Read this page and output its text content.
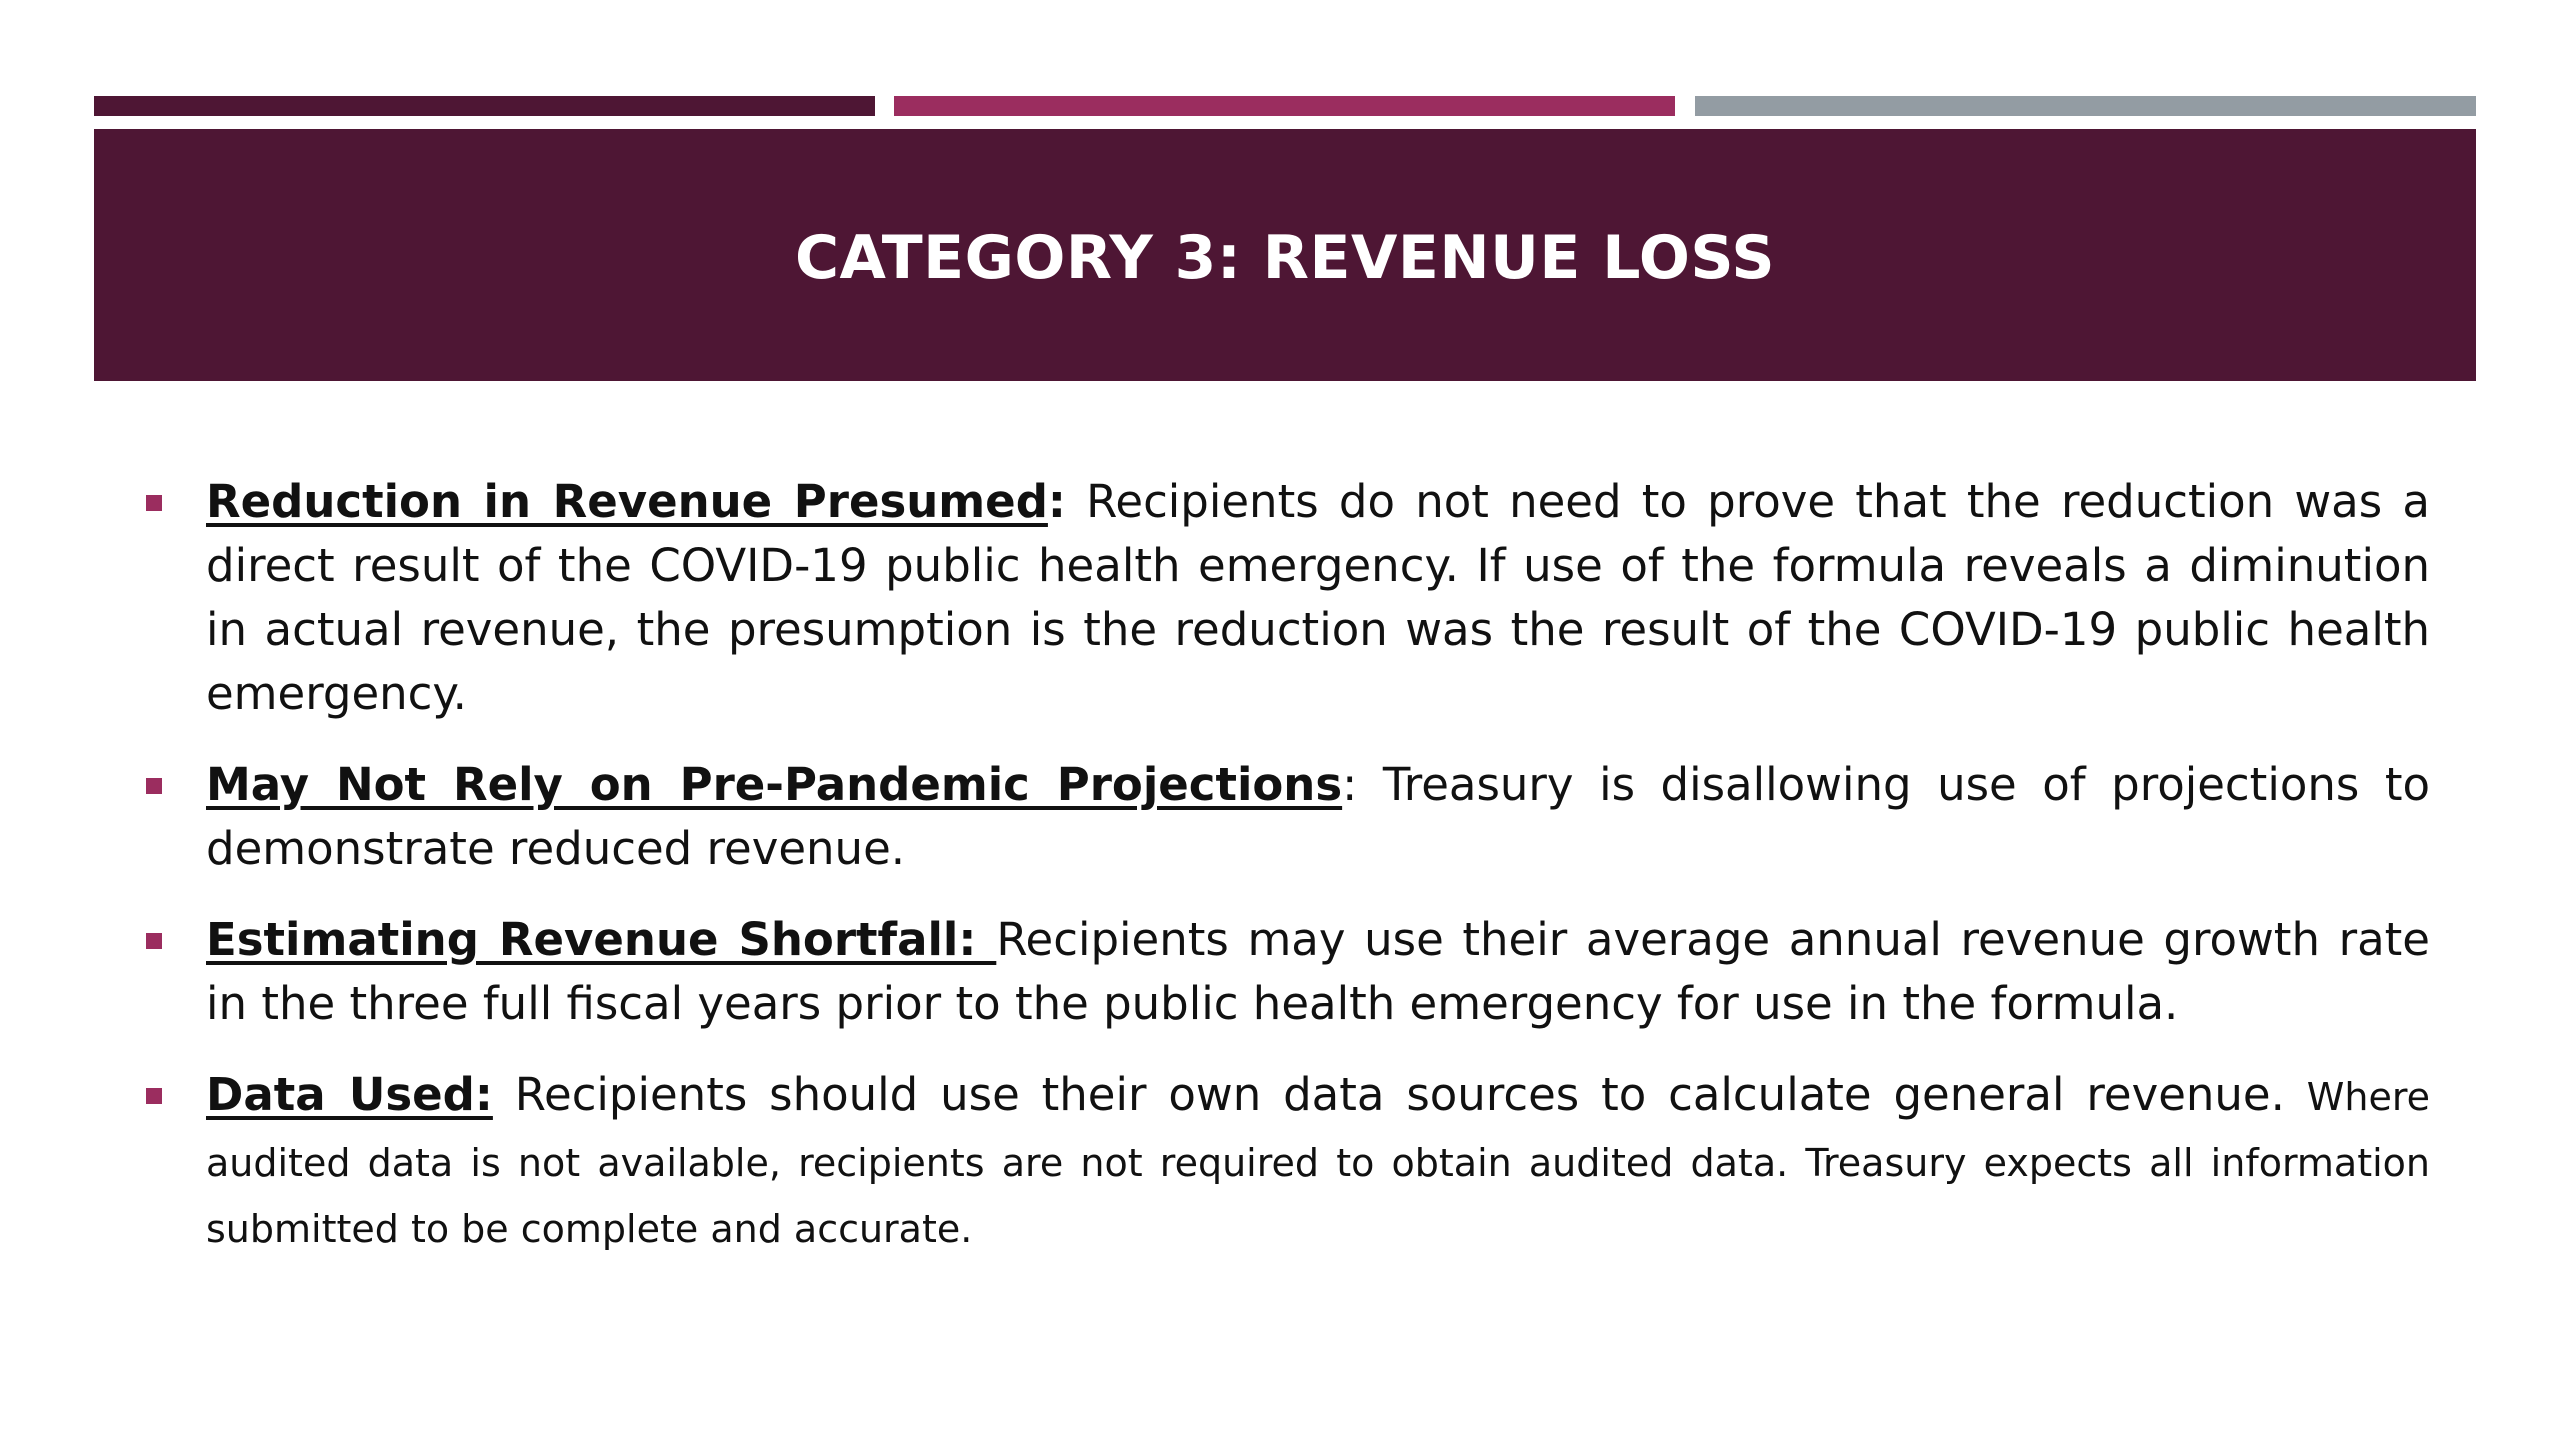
CATEGORY 3: REVENUE LOSS
Reduction in Revenue Presumed: Recipients do not need to prove that the reduction was a direct result of the COVID-19 public health emergency. If use of the formula reveals a diminution in actual revenue, the presumption is the reduction was the result of the COVID-19 public health emergency.
May Not Rely on Pre-Pandemic Projections: Treasury is disallowing use of projections to demonstrate reduced revenue.
Estimating Revenue Shortfall: Recipients may use their average annual revenue growth rate in the three full fiscal years prior to the public health emergency for use in the formula.
Data Used: Recipients should use their own data sources to calculate general revenue. Where audited data is not available, recipients are not required to obtain audited data. Treasury expects all information submitted to be complete and accurate.
